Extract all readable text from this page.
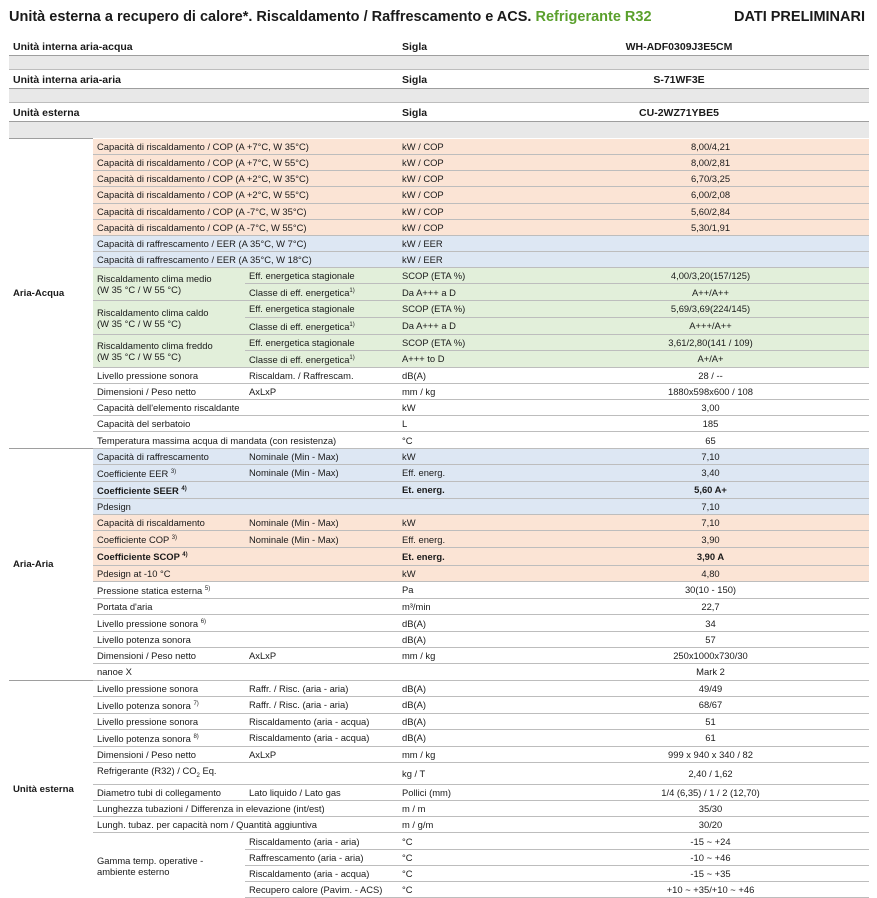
Unità esterna a recupero di calore*. Riscaldamento / Raffrescamento e ACS. Refrigerante R32	DATI PRELIMINARI
Unità interna aria-acqua	Sigla	WH-ADF0309J3E5CM
Unità interna aria-aria	Sigla	S-71WF3E
Unità esterna	Sigla	CU-2WZ71YBE5
Aria-Acqua	Capacità di riscaldamento / COP (A +7°C, W 35°C)		kW / COP	8,00/4,21
	Capacità di riscaldamento / COP (A +7°C, W 55°C)		kW / COP	8,00/2,81
	Capacità di riscaldamento / COP (A +2°C, W 35°C)		kW / COP	6,70/3,25
	Capacità di riscaldamento / COP (A +2°C, W 55°C)		kW / COP	6,00/2,08
	Capacità di riscaldamento / COP (A -7°C, W 35°C)		kW / COP	5,60/2,84
	Capacità di riscaldamento / COP (A -7°C, W 55°C)		kW / COP	5,30/1,91
	Capacità di raffrescamento / EER (A 35°C, W 7°C)		kW / EER	
	Capacità di raffrescamento / EER (A 35°C, W 18°C)		kW / EER	
	Riscaldamento clima medio
(W 35 °C / W 55 °C)	Eff. energetica stagionale	SCOP (ETA %)	4,00/3,20(157/125)
		Classe di eff. energetica$^{1)}$	Da A+++ a D	A++/A++
	Riscaldamento clima caldo
(W 35 °C / W 55 °C)	Eff. energetica stagionale	SCOP (ETA %)	5,69/3,69(224/145)
		Classe di eff. energetica$^{1)}$	Da A+++ a D	A+++/A++
	Riscaldamento clima freddo
(W 35 °C / W 55 °C)	Eff. energetica stagionale	SCOP (ETA %)	3,61/2,80(141 / 109)
		Classe di eff. energetica$^{1)}$	A+++ to D	A+/A+
	Livello pressione sonora	Riscaldam. / Raffrescam.	dB(A)	28 / --
	Dimensioni / Peso netto	AxLxP	mm / kg	1880x598x600 / 108
	Capacità dell'elemento riscaldante		kW	3,00
	Capacità del serbatoio		L	185
	Temperatura massima acqua di mandata (con resistenza)		°C	65
Aria-Aria	Capacità di raffrescamento	Nominale (Min - Max)	kW	7,10
	Coefficiente EER $^{3)}$	Nominale (Min - Max)	Eff. energ.	3,40
	Coefficiente SEER $^{4)}$		Et. energ.	5,60 A+
	Pdesign			7,10
	Capacità di riscaldamento	Nominale (Min - Max)	kW	7,10
	Coefficiente COP $^{3)}$	Nominale (Min - Max)	Eff. energ.	3,90
	Coefficiente SCOP $^{4)}$		Et. energ.	3,90 A
	Pdesign at -10 °C		kW	4,80
	Pressione statica esterna $^{5)}$		Pa	30(10 - 150)
	Portata d'aria		m³/min	22,7
	Livello pressione sonora $^{6)}$		dB(A)	34
	Livello potenza sonora		dB(A)	57
	Dimensioni / Peso netto	AxLxP	mm / kg	250x1000x730/30
	nanoe X			Mark 2
Unità esterna	Livello pressione sonora	Raffr. / Risc. (aria - aria)	dB(A)	49/49
	Livello potenza sonora $^{7)}$	Raffr. / Risc. (aria - aria)	dB(A)	68/67
	Livello pressione sonora	Riscaldamento (aria - acqua)	dB(A)	51
	Livello potenza sonora $^{8)}$	Riscaldamento (aria - acqua)	dB(A)	61
	Dimensioni / Peso netto	AxLxP	mm / kg	999 x 940 x 340 / 82
	Refrigerante $(R32) / CO_2$ Eq.		kg / T	2,40 / 1,62
	Diametro tubi di collegamento	Lato liquido / Lato gas	Pollici (mm)	1/4 (6,35) / 1 / 2 (12,70)
	Lunghezza tubazioni / Differenza in elevazione (int/est)		m / m	35/30
	Lungh. tubaz. per capacità nom / Quantità aggiuntiva		m / g/m	30/20
	Gamma temp. operative -
ambiente esterno	Riscaldamento (aria - aria)	°C	-15 ~ +24
		Raffrescamento (aria - aria)	°C	-10 ~ +46
		Riscaldamento (aria - acqua)	°C	-15 ~ +35
		Recupero calore (Pavim. - ACS)	°C	+10 ~ +35/+10 ~ +46
